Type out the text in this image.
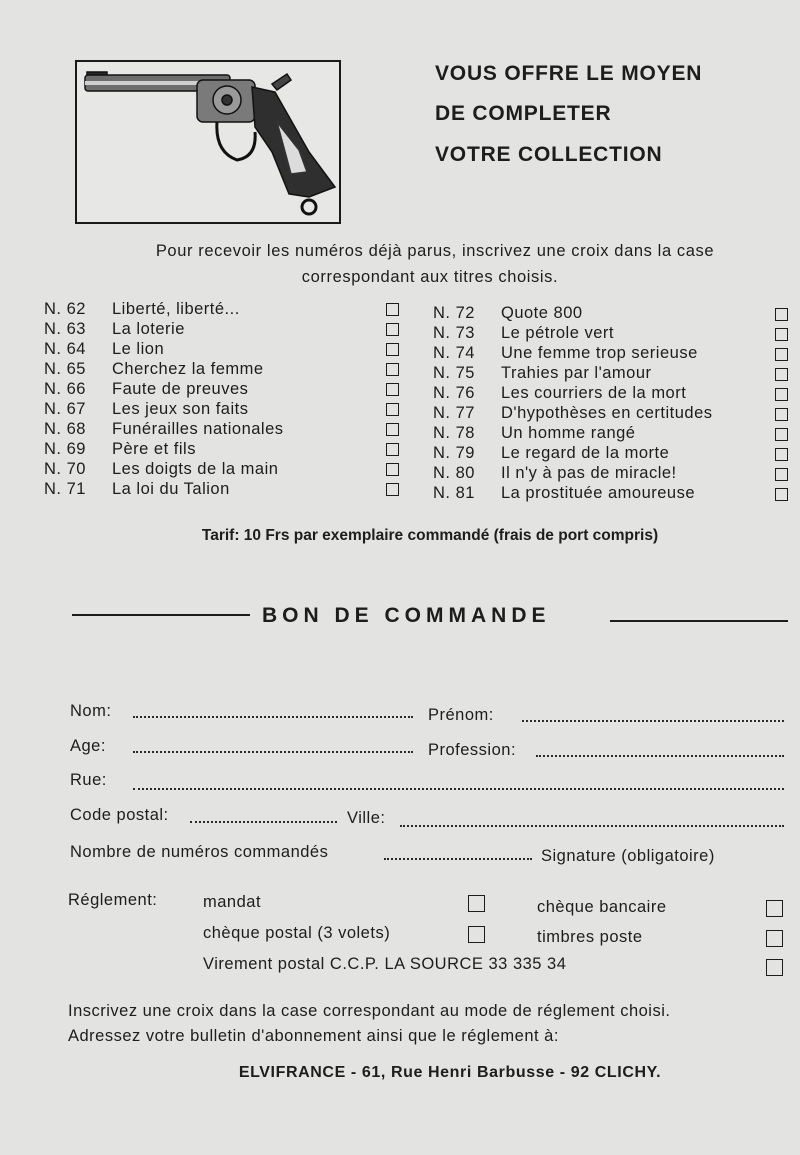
VOUS OFFRE LE MOYEN
DE COMPLETER
VOTRE COLLECTION
Pour recevoir les numéros déjà parus, inscrivez une croix dans la case
correspondant aux titres choisis.
N. 62 Liberté, liberté...
N. 63 La loterie
N. 64 Le lion
N. 65 Cherchez la femme
N. 66 Faute de preuves
N. 67 Les jeux son faits
N. 68 Funérailles nationales
N. 69 Père et fils
N. 70 Les doigts de la main
N. 71 La loi du Talion
N. 72 Quote 800
N. 73 Le pétrole vert
N. 74 Une femme trop serieuse
N. 75 Trahies par l'amour
N. 76 Les courriers de la mort
N. 77 D'hypothèses en certitudes
N. 78 Un homme rangé
N. 79 Le regard de la morte
N. 80 Il n'y à pas de miracle!
N. 81 La prostituée amoureuse
Tarif: 10 Frs par exemplaire commandé (frais de port compris)
BON DE COMMANDE
Nom:	Prénom:
Age:	Profession:
Rue:
Code postal:	Ville:
Nombre de numéros commandés	Signature (obligatoire)
Réglement:	mandat	chèque bancaire
chèque postal (3 volets)	timbres poste
Virement postal C.C.P. LA SOURCE 33 335 34
Inscrivez une croix dans la case correspondant au mode de réglement choisi.
Adressez votre bulletin d'abonnement ainsi que le réglement à:
ELVIFRANCE - 61, Rue Henri Barbusse - 92 CLICHY.
